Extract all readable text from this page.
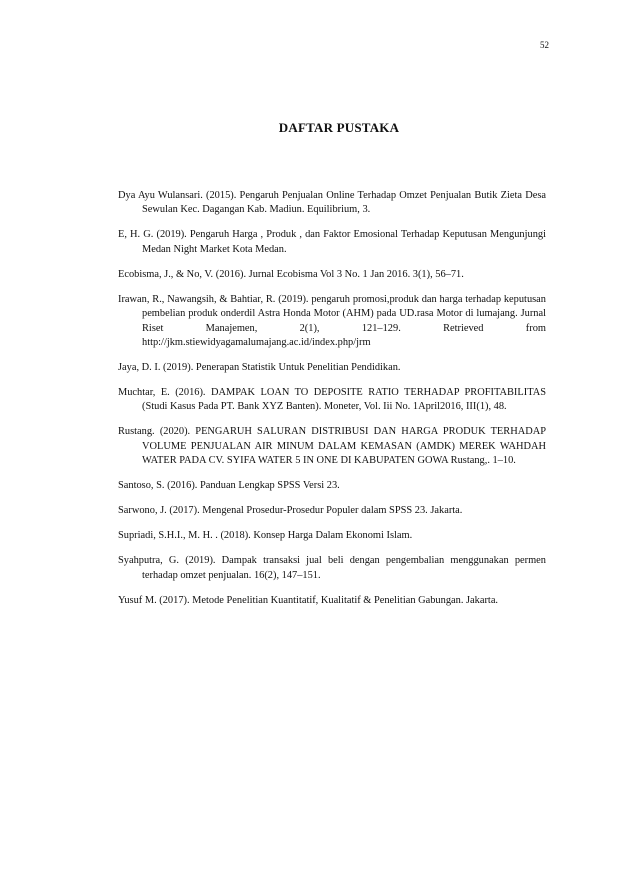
52
DAFTAR PUSTAKA
Dya Ayu Wulansari. (2015). Pengaruh Penjualan Online Terhadap Omzet Penjualan Butik Zieta Desa Sewulan Kec. Dagangan Kab. Madiun. Equilibrium, 3.
E, H. G. (2019). Pengaruh Harga , Produk , dan Faktor Emosional Terhadap Keputusan Mengunjungi Medan Night Market Kota Medan.
Ecobisma, J., & No, V. (2016). Jurnal Ecobisma Vol 3 No. 1 Jan 2016. 3(1), 56–71.
Irawan, R., Nawangsih, & Bahtiar, R. (2019). pengaruh promosi,produk dan harga terhadap keputusan pembelian produk onderdil Astra Honda Motor (AHM) pada UD.rasa Motor di lumajang. Jurnal Riset Manajemen, 2(1), 121–129. Retrieved from http://jkm.stiewidyagamalumajang.ac.id/index.php/jrm
Jaya, D. I. (2019). Penerapan Statistik Untuk Penelitian Pendidikan.
Muchtar, E. (2016). DAMPAK LOAN TO DEPOSITE RATIO TERHADAP PROFITABILITAS (Studi Kasus Pada PT. Bank XYZ Banten). Moneter, Vol. Iii No. 1April2016, III(1), 48.
Rustang. (2020). PENGARUH SALURAN DISTRIBUSI DAN HARGA PRODUK TERHADAP VOLUME PENJUALAN AIR MINUM DALAM KEMASAN (AMDK) MEREK WAHDAH WATER PADA CV. SYIFA WATER 5 IN ONE DI KABUPATEN GOWA Rustang,. 1–10.
Santoso, S. (2016). Panduan Lengkap SPSS Versi 23.
Sarwono, J. (2017). Mengenal Prosedur-Prosedur Populer dalam SPSS 23. Jakarta.
Supriadi, S.H.I., M. H. . (2018). Konsep Harga Dalam Ekonomi Islam.
Syahputra, G. (2019). Dampak transaksi jual beli dengan pengembalian menggunakan permen terhadap omzet penjualan. 16(2), 147–151.
Yusuf M. (2017). Metode Penelitian Kuantitatif, Kualitatif & Penelitian Gabungan. Jakarta.
